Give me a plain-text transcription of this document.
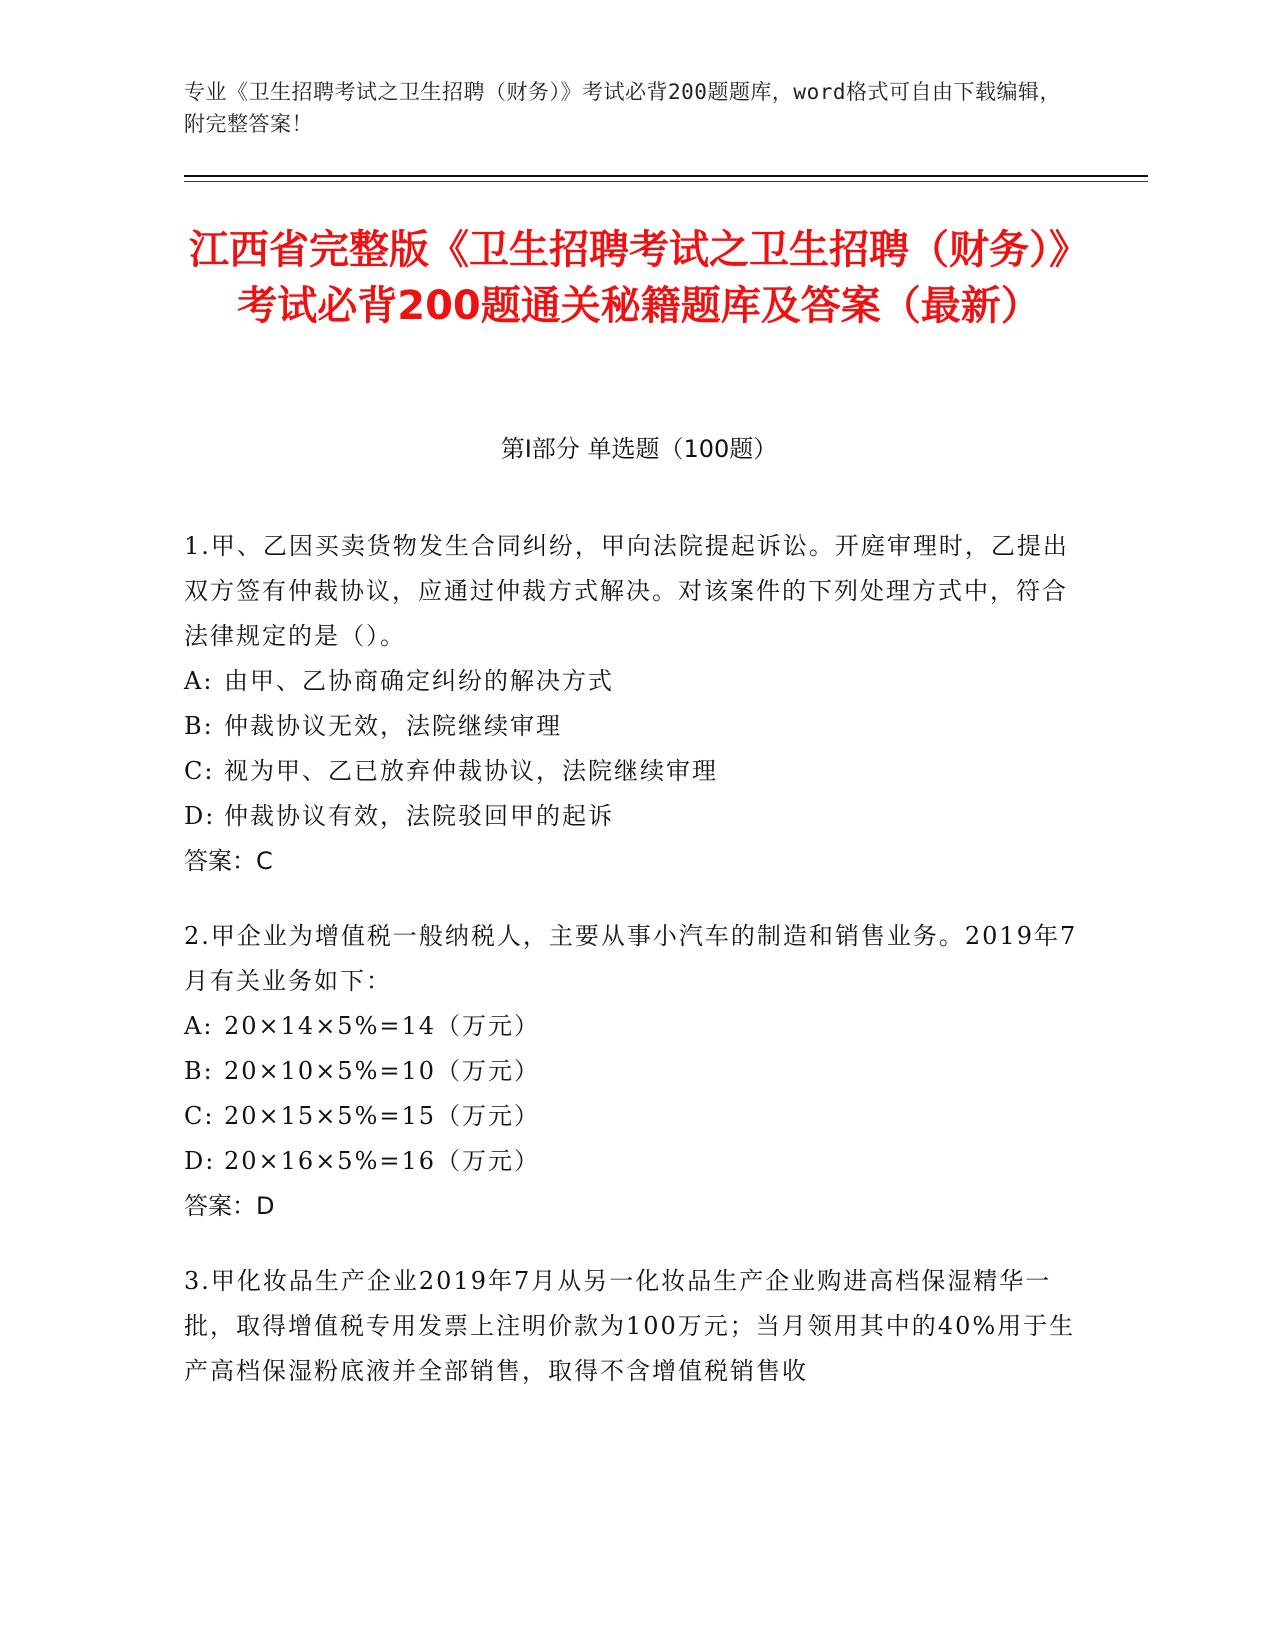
专业《卫生招聘考试之卫生招聘（财务）》考试必背200题题库，word格式可自由下载编辑，附完整答案！
江西省完整版《卫生招聘考试之卫生招聘（财务）》考试必背200题通关秘籍题库及答案（最新）
第Ⅰ部分 单选题（100题）
1.甲、乙因买卖货物发生合同纠纷，甲向法院提起诉讼。开庭审理时，乙提出双方签有仲裁协议，应通过仲裁方式解决。对该案件的下列处理方式中，符合法律规定的是（）。
A: 由甲、乙协商确定纠纷的解决方式
B: 仲裁协议无效，法院继续审理
C: 视为甲、乙已放弃仲裁协议，法院继续审理
D: 仲裁协议有效，法院驳回甲的起诉
答案：C
2.甲企业为增值税一般纳税人，主要从事小汽车的制造和销售业务。2019年7月有关业务如下：
A: 20×14×5%=14（万元）
B: 20×10×5%=10（万元）
C: 20×15×5%=15（万元）
D: 20×16×5%=16（万元）
答案：D
3.甲化妆品生产企业2019年7月从另一化妆品生产企业购进高档保湿精华一批，取得增值税专用发票上注明价款为100万元；当月领用其中的40%用于生产高档保湿粉底液并全部销售，取得不含增值税销售收
